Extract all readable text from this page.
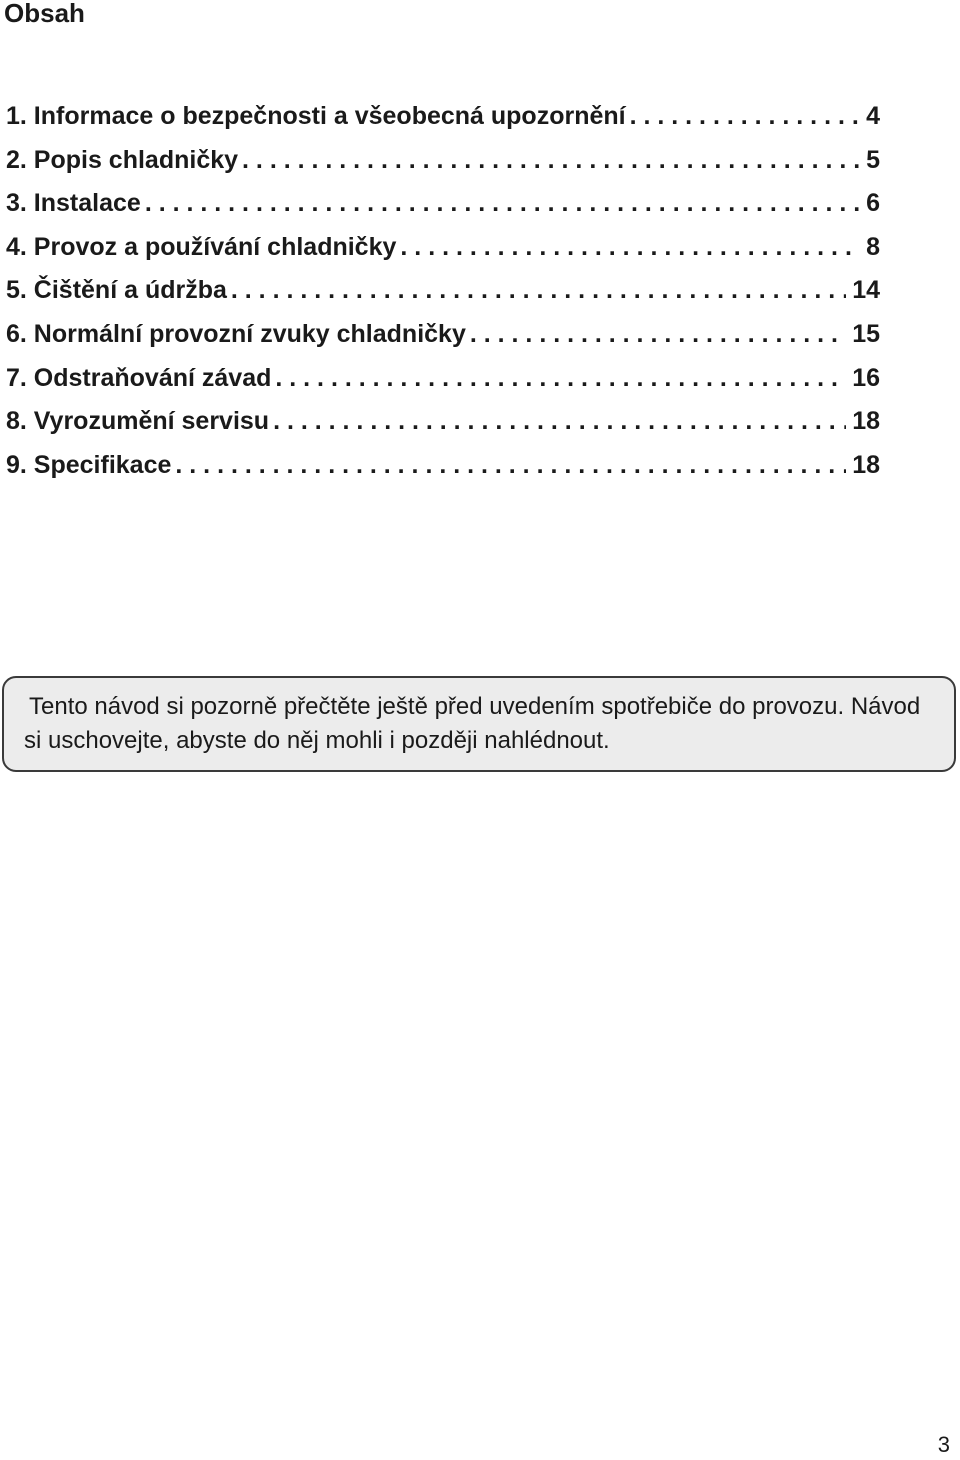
Obsah
1. Informace o bezpečnosti a všeobecná upozornění . . .	4
2. Popis chladničky . . .	5
3. Instalace . . .	6
4. Provoz a používání chladničky . . .	8
5. Čištění a údržba . . .	14
6. Normální provozní zvuky chladničky . . .	15
7. Odstraňování závad . . .	16
8. Vyrozumění servisu . . .	18
9. Specifikace . . .	18

Tento návod si pozorně přečtěte ještě před uvedením spotřebiče do provozu. Návod si uschovejte, abyste do něj mohli i později nahlédnout.

3
